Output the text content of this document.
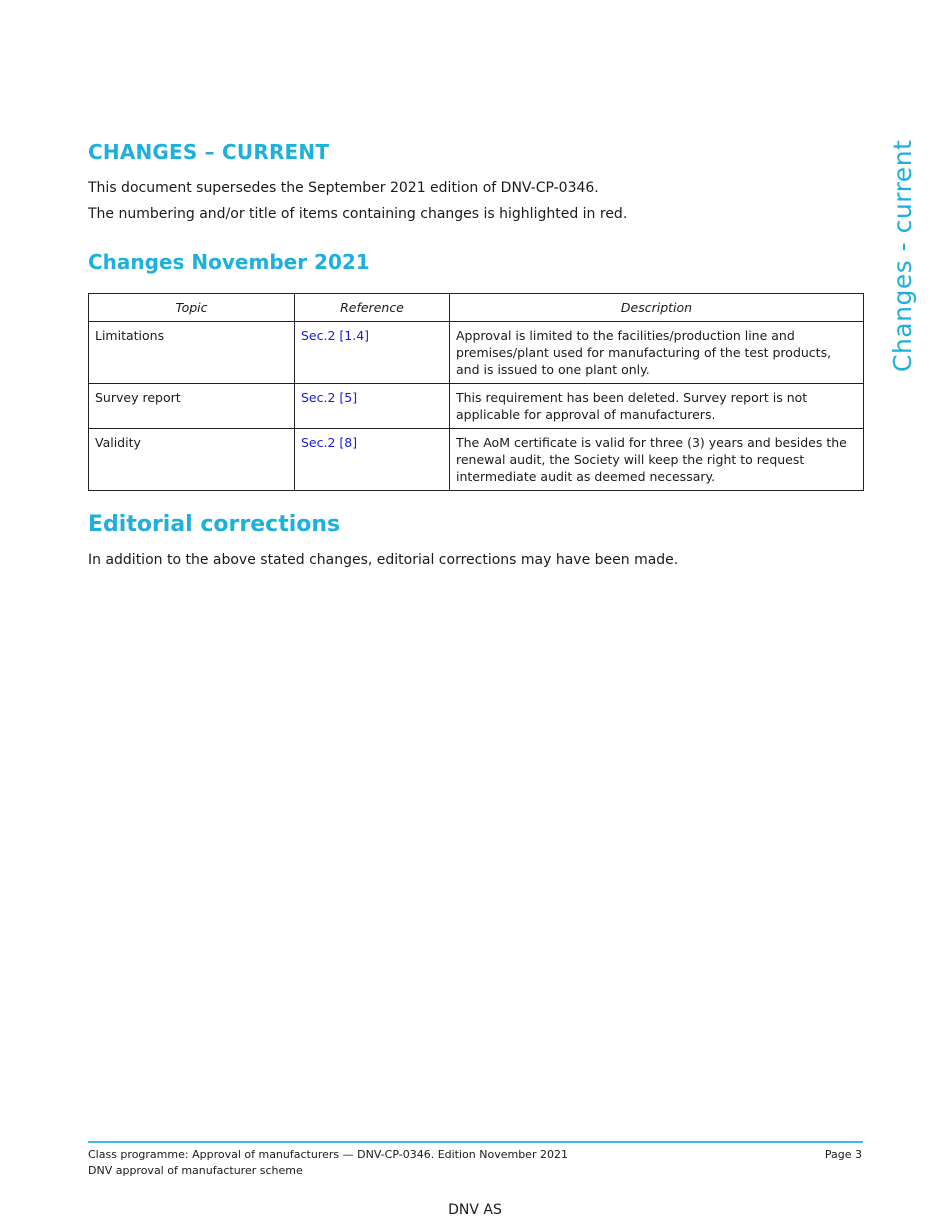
CHANGES – CURRENT

This document supersedes the September 2021 edition of DNV-CP-0346.

The numbering and/or title of items containing changes is highlighted in red.	Changes - current
Changes November 2021
Topic	Reference	Description
Limitations	Sec.2 [1.4]	Approval is limited to the facilities/production line and premises/plant used for manufacturing of the test products, and is issued to one plant only.
Survey report	Sec.2 [5]	This requirement has been deleted. Survey report is not applicable for approval of manufacturers.
Validity	Sec.2 [8]	The AoM certificate is valid for three (3) years and besides the renewal audit, the Society will keep the right to request intermediate audit as deemed necessary.
Editorial corrections

In addition to the above stated changes, editorial corrections may have been made.

Class programme: Approval of manufacturers — DNV-CP-0346. Edition November 2021
DNV approval of manufacturer scheme
Page 3
DNV AS
